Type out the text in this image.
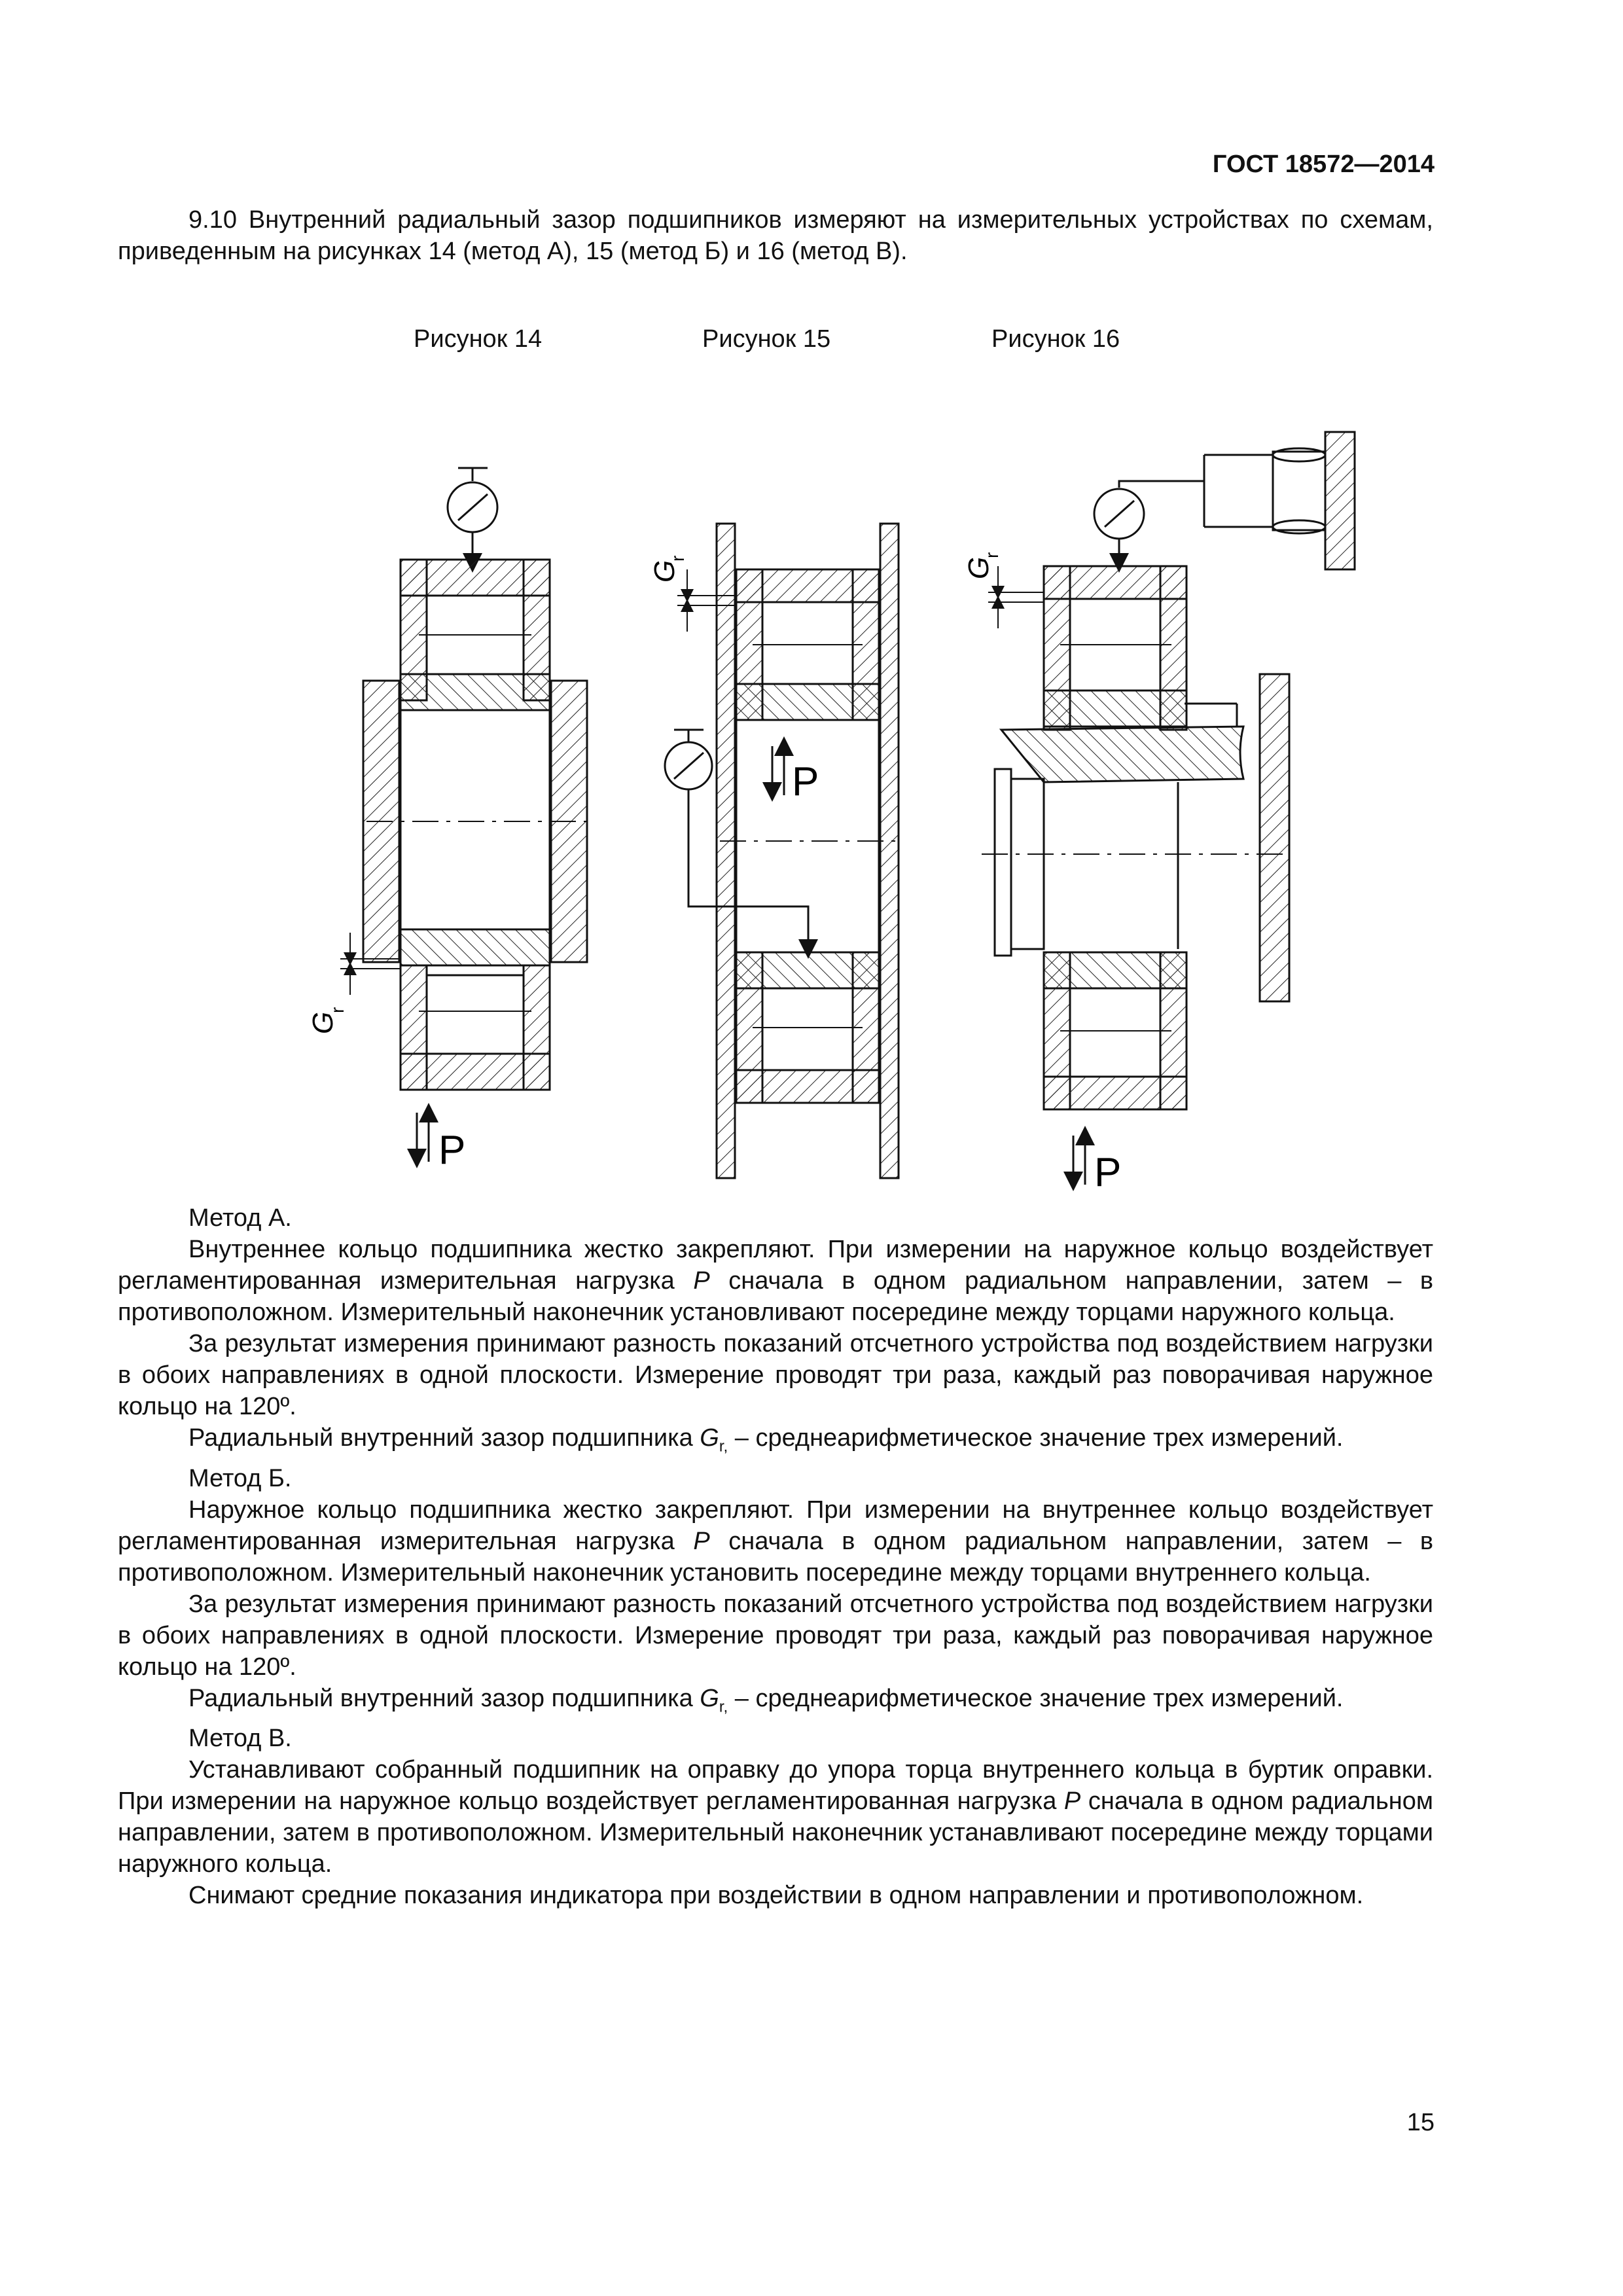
ГОСТ 18572—2014

9.10 Внутренний радиальный зазор подшипников измеряют на измерительных устройствах по схемам, приведенным на рисунках 14 (метод А), 15 (метод Б) и 16 (метод В).

Рисунок 14	Рисунок 15	Рисунок 16
G
r
P
G
r
P
G
r
P

Метод А.

Внутреннее кольцо подшипника жестко закрепляют. При измерении на наружное кольцо воздействует регламентированная измерительная нагрузка P сначала в одном радиальном направлении, затем – в противоположном. Измерительный наконечник установливают посередине между торцами наружного кольца.

За результат измерения принимают разность показаний отсчетного устройства под воздействием нагрузки в обоих направлениях в одной плоскости. Измерение проводят три раза, каждый раз поворачивая наружное кольцо на 120º.

Радиальный внутренний зазор подшипника $G_{r,}$ – среднеарифметическое значение трех измерений.

Метод Б.

Наружное кольцо подшипника жестко закрепляют. При измерении на внутреннее кольцо воздействует регламентированная измерительная нагрузка P сначала в одном радиальном направлении, затем – в противоположном. Измерительный наконечник установить посередине между торцами внутреннего кольца.

За результат измерения принимают разность показаний отсчетного устройства под воздействием нагрузки в обоих направлениях в одной плоскости. Измерение проводят три раза, каждый раз поворачивая наружное кольцо на 120º.

Радиальный внутренний зазор подшипника $G_{r,}$ – среднеарифметическое значение трех измерений.

Метод В.

Устанавливают собранный подшипник на оправку до упора торца внутреннего кольца в буртик оправки. При измерении на наружное кольцо воздействует регламентированная нагрузка P сначала в одном радиальном направлении, затем в противоположном. Измерительный наконечник устанавливают посередине между торцами наружного кольца.

Снимают средние показания индикатора при воздействии в одном направлении и противоположном.

15
